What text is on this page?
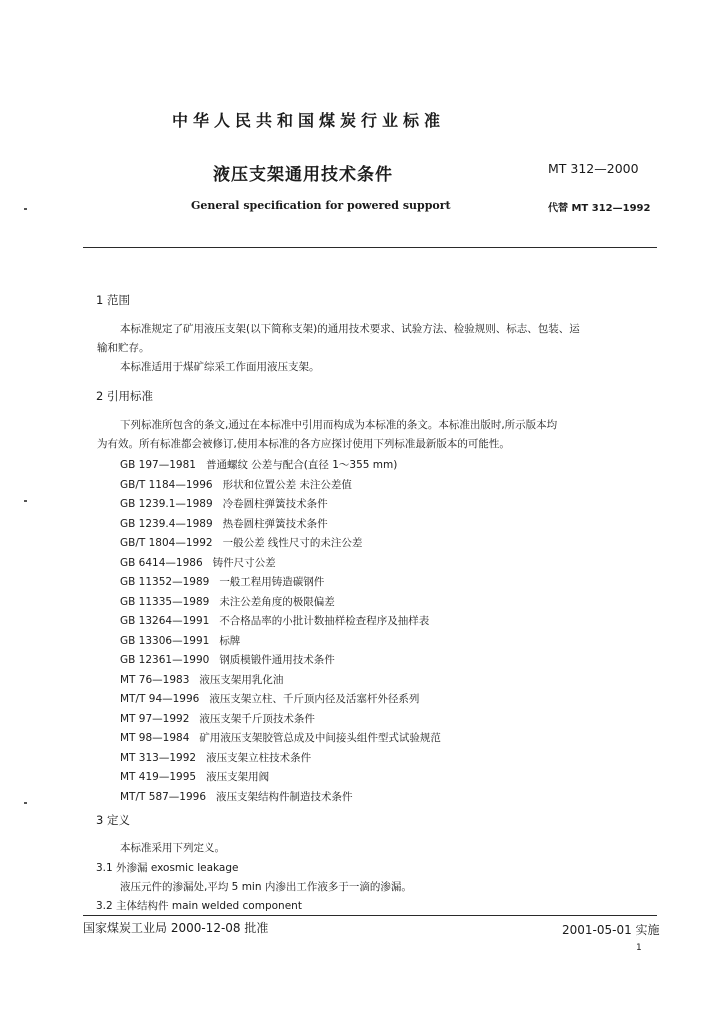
中华人民共和国煤炭行业标准
液压支架通用技术条件	MT 312—2000
General specification for powered support	代替 MT 312—1992
1 范围
本标准规定了矿用液压支架(以下简称支架)的通用技术要求、试验方法、检验规则、标志、包装、运
输和贮存。
本标准适用于煤矿综采工作面用液压支架。
2 引用标准
下列标准所包含的条文,通过在本标准中引用而构成为本标准的条文。本标准出版时,所示版本均
为有效。所有标准都会被修订,使用本标准的各方应探讨使用下列标准最新版本的可能性。
GB 197—1981 普通螺纹 公差与配合(直径 1～355 mm)
GB/T 1184—1996 形状和位置公差 未注公差值
GB 1239.1—1989 冷卷圆柱弹簧技术条件
GB 1239.4—1989 热卷圆柱弹簧技术条件
GB/T 1804—1992 一般公差 线性尺寸的未注公差
GB 6414—1986 铸件尺寸公差
GB 11352—1989 一般工程用铸造碳钢件
GB 11335—1989 未注公差角度的极限偏差
GB 13264—1991 不合格品率的小批计数抽样检查程序及抽样表
GB 13306—1991 标牌
GB 12361—1990 钢质模锻件通用技术条件
MT 76—1983 液压支架用乳化油
MT/T 94—1996 液压支架立柱、千斤顶内径及活塞杆外径系列
MT 97—1992 液压支架千斤顶技术条件
MT 98—1984 矿用液压支架胶管总成及中间接头组件型式试验规范
MT 313—1992 液压支架立柱技术条件
MT 419—1995 液压支架用阀
MT/T 587—1996 液压支架结构件制造技术条件
3 定义
本标准采用下列定义。
3.1 外渗漏 exosmic leakage
液压元件的渗漏处,平均 5 min 内渗出工作液多于一滴的渗漏。
3.2 主体结构件 main welded component
国家煤炭工业局 2000-12-08 批准	2001-05-01 实施
1
